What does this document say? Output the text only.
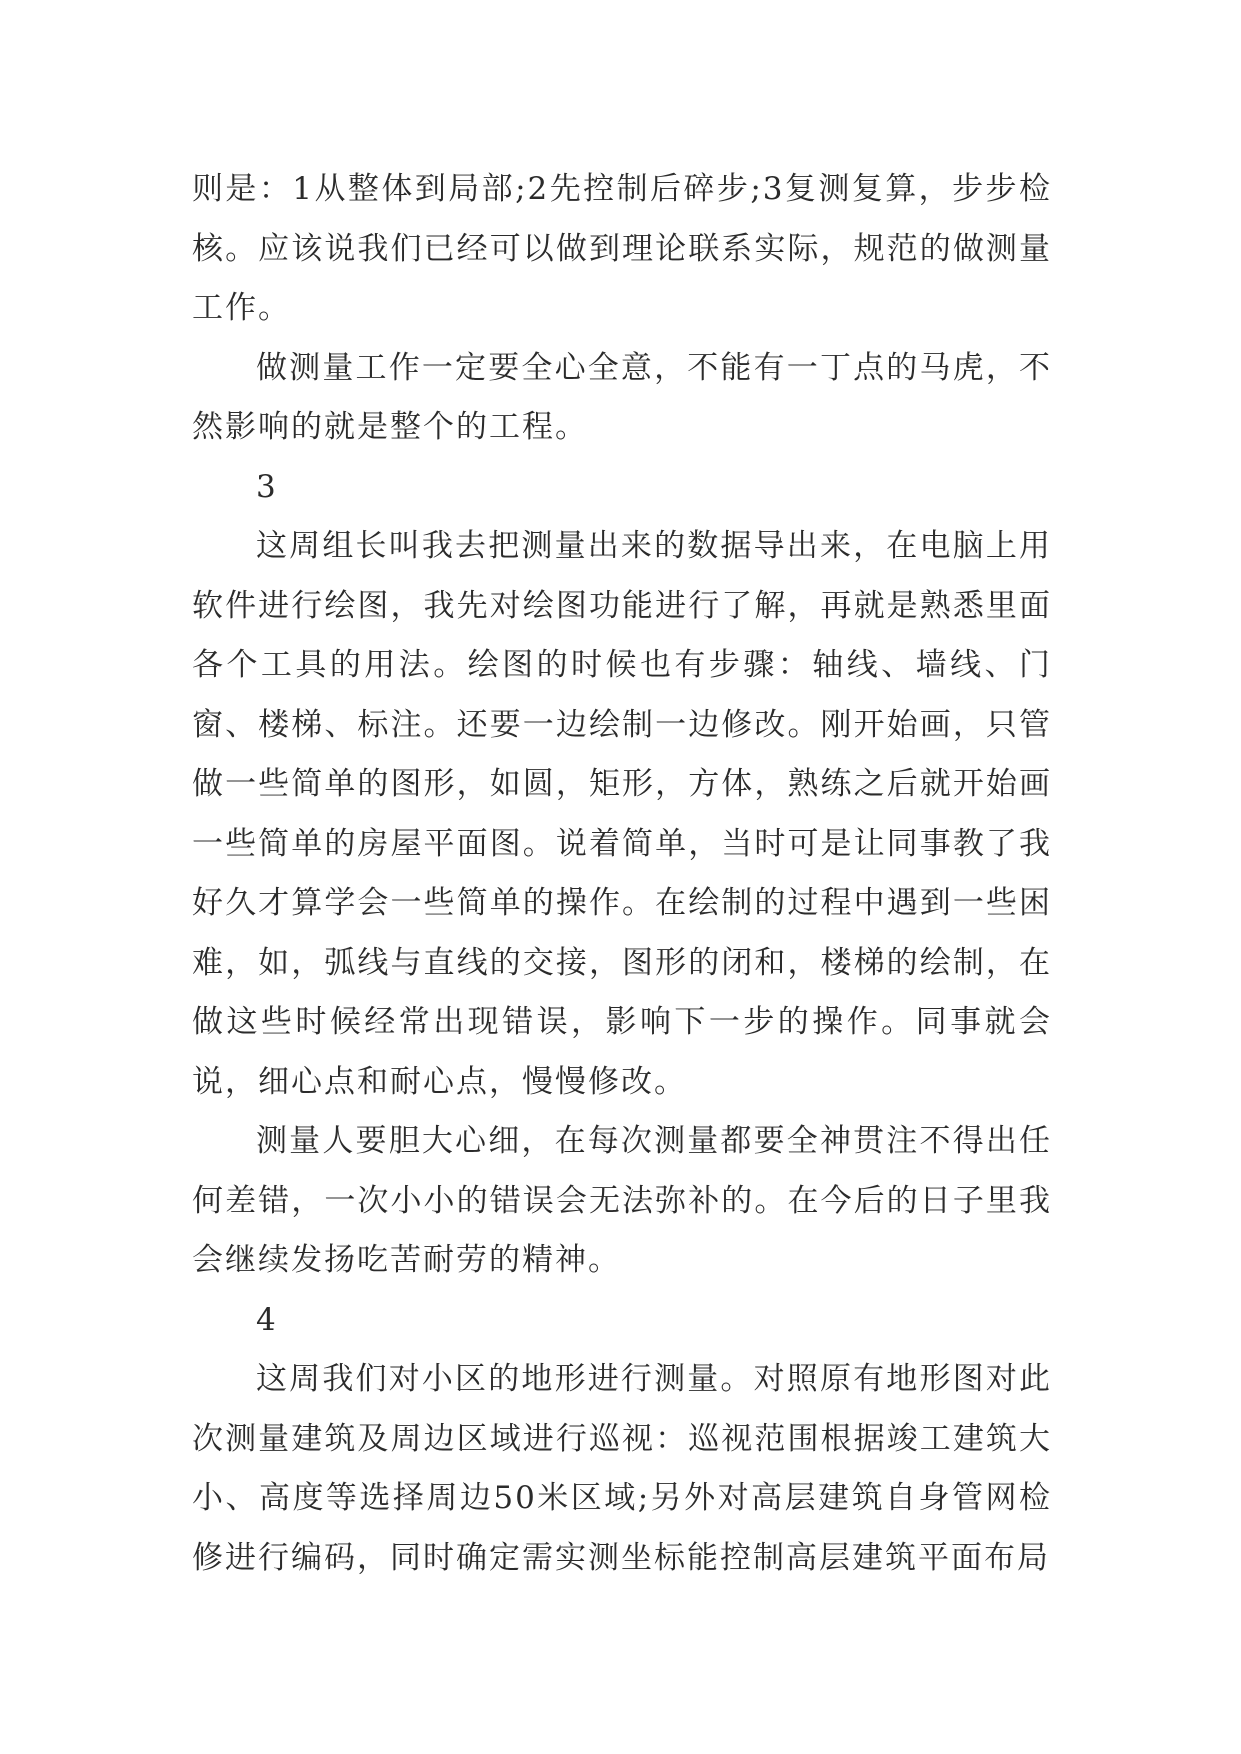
则是：1从整体到局部;2先控制后碎步;3复测复算，步步检核。应该说我们已经可以做到理论联系实际，规范的做测量工作。

做测量工作一定要全心全意，不能有一丁点的马虎，不然影响的就是整个的工程。

3

这周组长叫我去把测量出来的数据导出来，在电脑上用软件进行绘图，我先对绘图功能进行了解，再就是熟悉里面各个工具的用法。绘图的时候也有步骤：轴线、墙线、门窗、楼梯、标注。还要一边绘制一边修改。刚开始画，只管做一些简单的图形，如圆，矩形，方体，熟练之后就开始画一些简单的房屋平面图。说着简单，当时可是让同事教了我好久才算学会一些简单的操作。在绘制的过程中遇到一些困难，如，弧线与直线的交接，图形的闭和，楼梯的绘制，在做这些时候经常出现错误，影响下一步的操作。同事就会说，细心点和耐心点，慢慢修改。

测量人要胆大心细，在每次测量都要全神贯注不得出任何差错，一次小小的错误会无法弥补的。在今后的日子里我会继续发扬吃苦耐劳的精神。

4

这周我们对小区的地形进行测量。对照原有地形图对此次测量建筑及周边区域进行巡视：巡视范围根据竣工建筑大小、高度等选择周边50米区域;另外对高层建筑自身管网检修进行编码，同时确定需实测坐标能控制高层建筑平面布局
